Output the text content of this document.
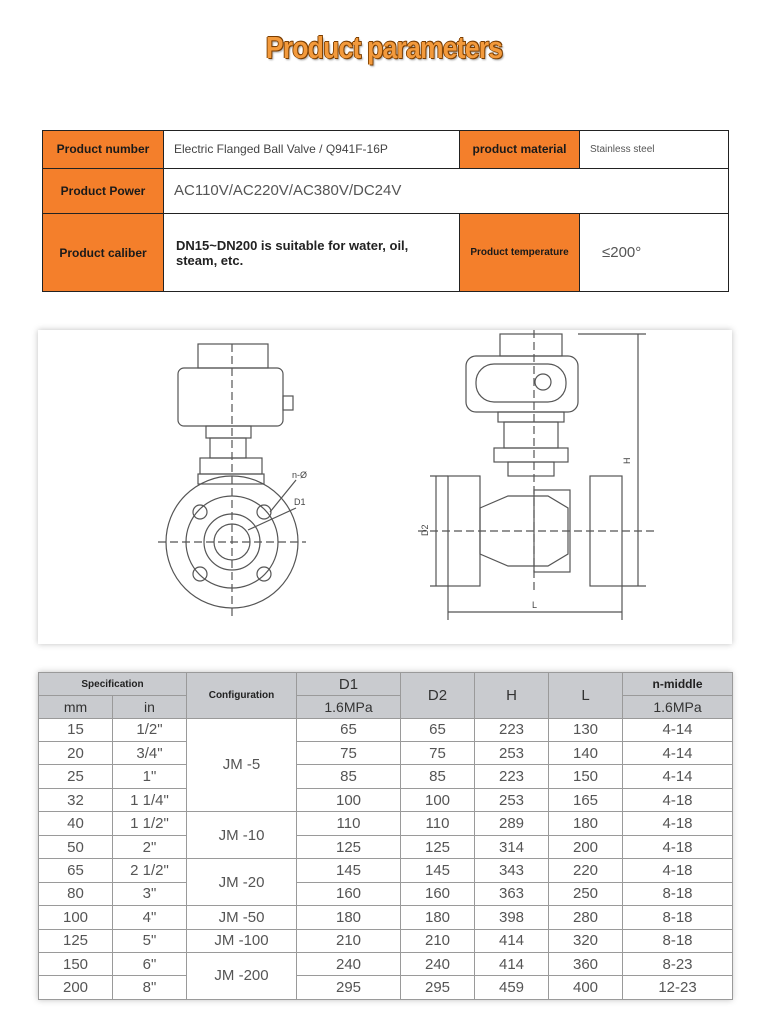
Product parameters
Product number	Electric Flanged Ball Valve / Q941F-16P	product material	Stainless steel
Product Power	AC110V/AC220V/AC380V/DC24V		
Product caliber	DN15~DN200 is suitable for water, oil, steam, etc.	Product temperature	≤200°
n-Ø
D1
D2
H
L
Specification		Configuration	D1	D2	H	L	n-middle
mm	in		1.6MPa				1.6MPa
15	1/2"	JM -5	65	65	223	130	4-14
20	3/4"		75	75	253	140	4-14
25	1"		85	85	223	150	4-14
32	1 1/4"		100	100	253	165	4-18
40	1 1/2"	JM -10	110	110	289	180	4-18
50	2"		125	125	314	200	4-18
65	2 1/2"	JM -20	145	145	343	220	4-18
80	3"		160	160	363	250	8-18
100	4"	JM -50	180	180	398	280	8-18
125	5"	JM -100	210	210	414	320	8-18
150	6"	JM -200	240	240	414	360	8-23
200	8"		295	295	459	400	12-23
